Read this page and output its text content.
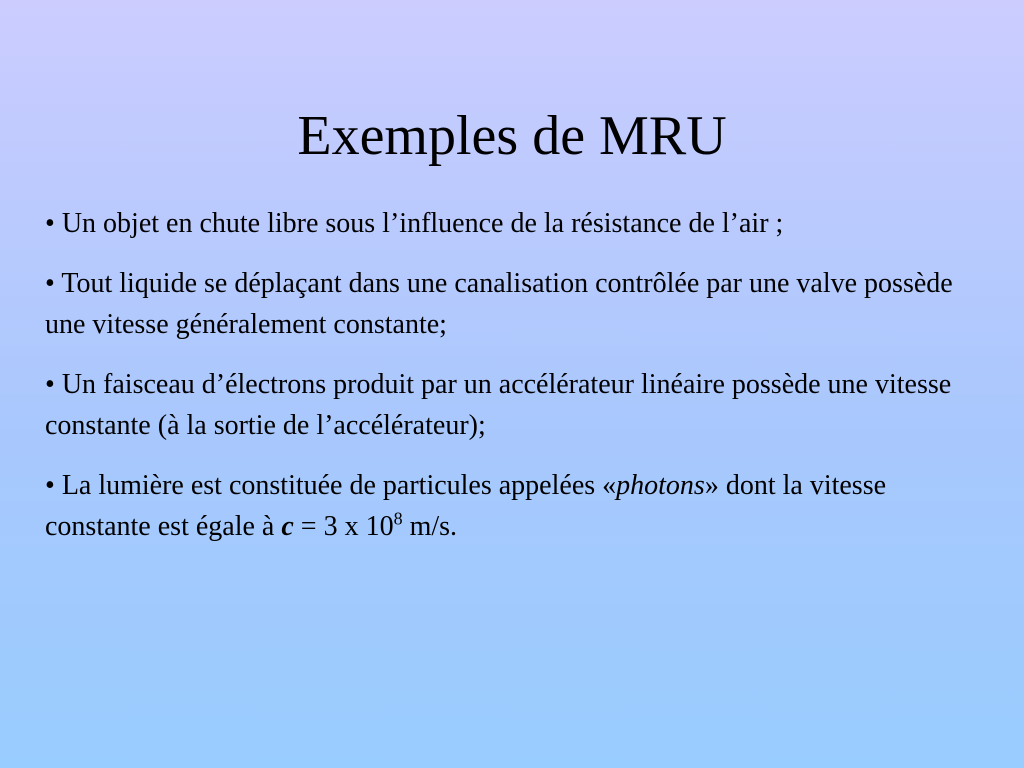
Exemples de MRU
• Un objet en chute libre sous l’influence de la résistance de l’air ;
• Tout liquide se déplaçant dans une canalisation contrôlée par une valve possède une vitesse généralement constante;
• Un faisceau d’électrons produit par un accélérateur linéaire possède une vitesse constante (à la sortie de l’accélérateur);
• La lumière est constituée de particules appelées «photons» dont la vitesse constante est égale à c = 3 x $10^8$ m/s.
